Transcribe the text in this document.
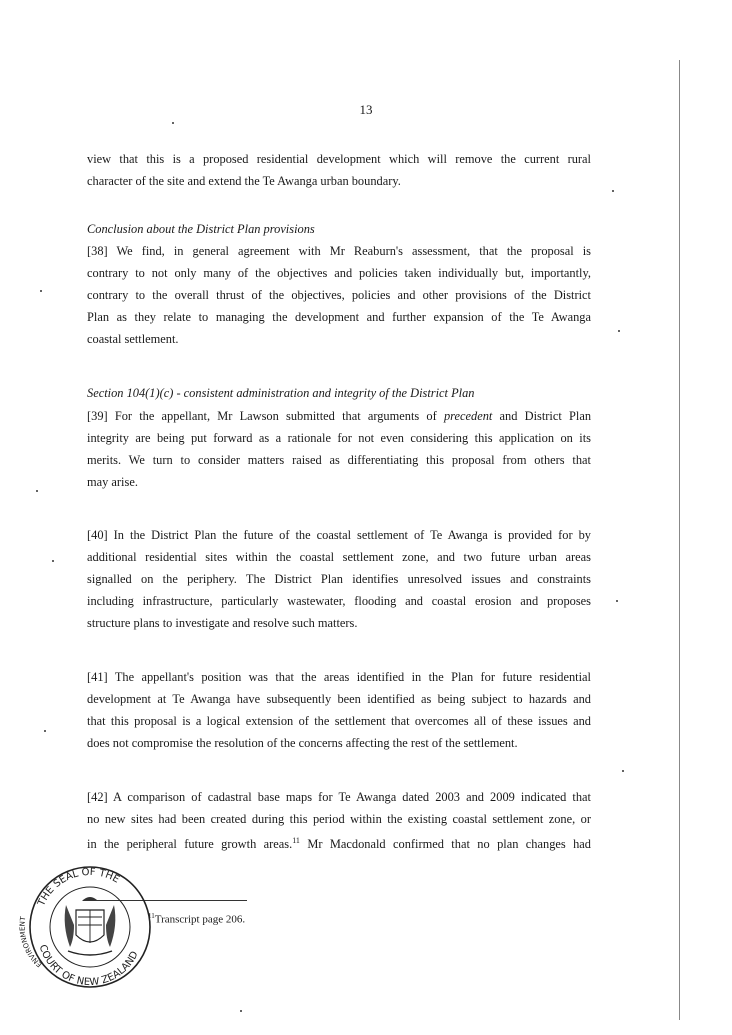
13
view that this is a proposed residential development which will remove the current rural
character of the site and extend the Te Awanga urban boundary.
Conclusion about the District Plan provisions
[38] We find, in general agreement with Mr Reaburn's assessment, that the proposal is
contrary to not only many of the objectives and policies taken individually but, importantly,
contrary to the overall thrust of the objectives, policies and other provisions of the District
Plan as they relate to managing the development and further expansion of the Te Awanga
coastal settlement.
Section 104(1)(c) - consistent administration and integrity of the District Plan
[39] For the appellant, Mr Lawson submitted that arguments of precedent and District Plan
integrity are being put forward as a rationale for not even considering this application on its
merits. We turn to consider matters raised as differentiating this proposal from others that
may arise.
[40] In the District Plan the future of the coastal settlement of Te Awanga is provided for by
additional residential sites within the coastal settlement zone, and two future urban areas
signalled on the periphery. The District Plan identifies unresolved issues and constraints
including infrastructure, particularly wastewater, flooding and coastal erosion and proposes
structure plans to investigate and resolve such matters.
[41] The appellant's position was that the areas identified in the Plan for future residential
development at Te Awanga have subsequently been identified as being subject to hazards and
that this proposal is a logical extension of the settlement that overcomes all of these issues and
does not compromise the resolution of the concerns affecting the rest of the settlement.
[42] A comparison of cadastral base maps for Te Awanga dated 2003 and 2009 indicated that
no new sites had been created during this period within the existing coastal settlement zone, or
in the peripheral future growth areas.$^{11}$ Mr Macdonald confirmed that no plan changes had
$^{11}$Transcript page 206.
THE SEAL OF THE
COURT OF NEW ZEALAND
ENVIRONMENT
